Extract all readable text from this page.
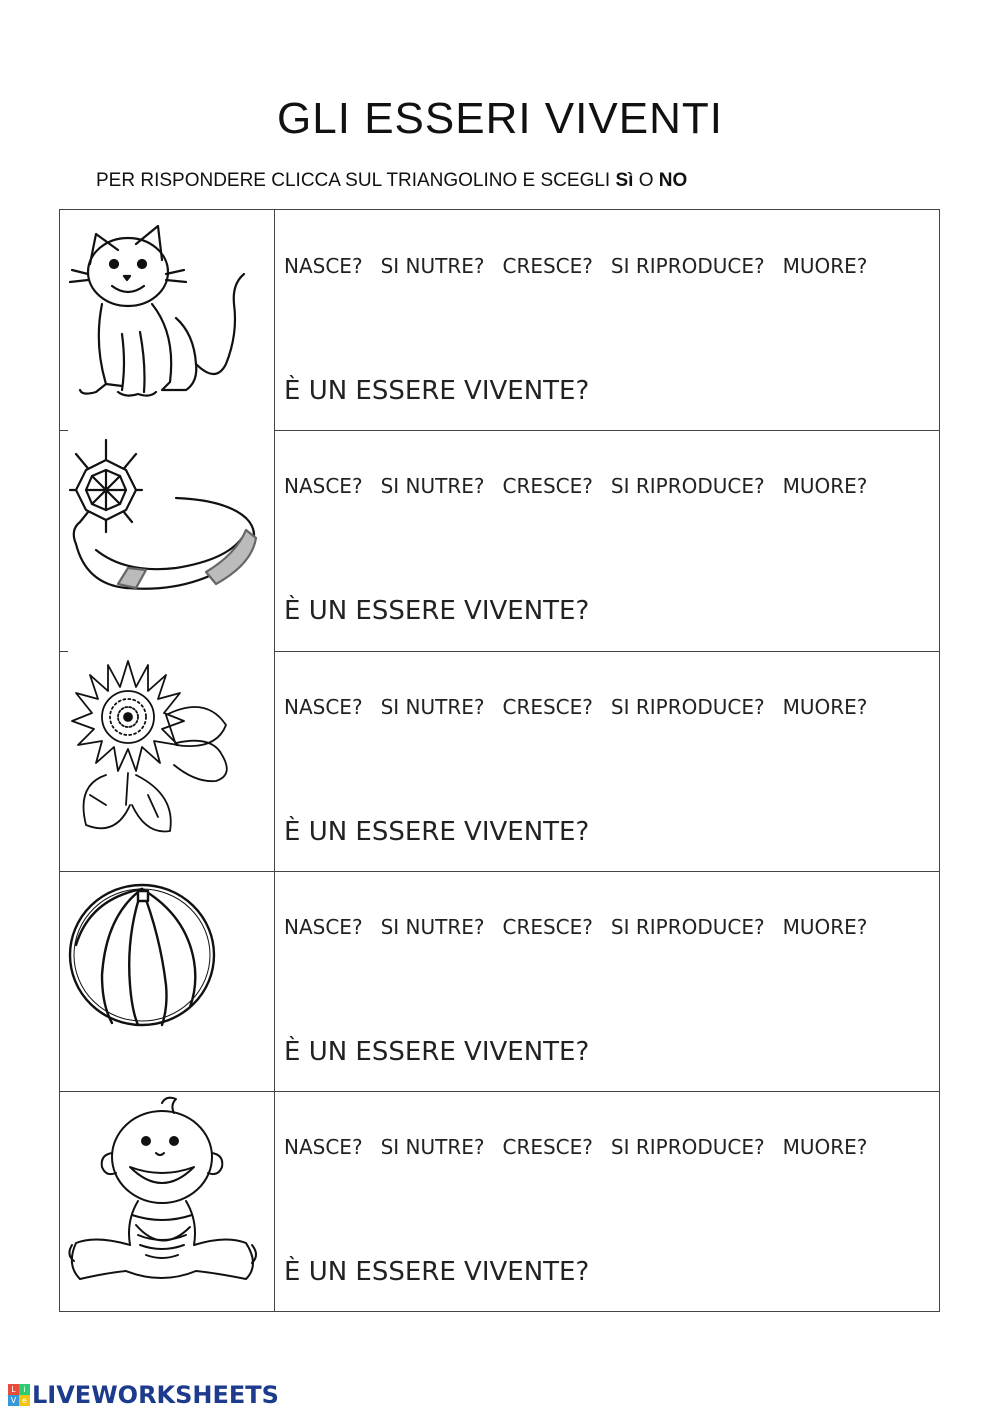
GLI ESSERI VIVENTI
PER RISPONDERE CLICCA SUL TRIANGOLINO E SCEGLI Sì O NO
NASCE? SI NUTRE? CRESCE? SI RIPRODUCE? MUORE?
È UN ESSERE VIVENTE?
NASCE? SI NUTRE? CRESCE? SI RIPRODUCE? MUORE?
È UN ESSERE VIVENTE?
NASCE? SI NUTRE? CRESCE? SI RIPRODUCE? MUORE?
È UN ESSERE VIVENTE?
NASCE? SI NUTRE? CRESCE? SI RIPRODUCE? MUORE?
È UN ESSERE VIVENTE?
NASCE? SI NUTRE? CRESCE? SI RIPRODUCE? MUORE?
È UN ESSERE VIVENTE?
L i
V e LIVEWORKSHEETS
